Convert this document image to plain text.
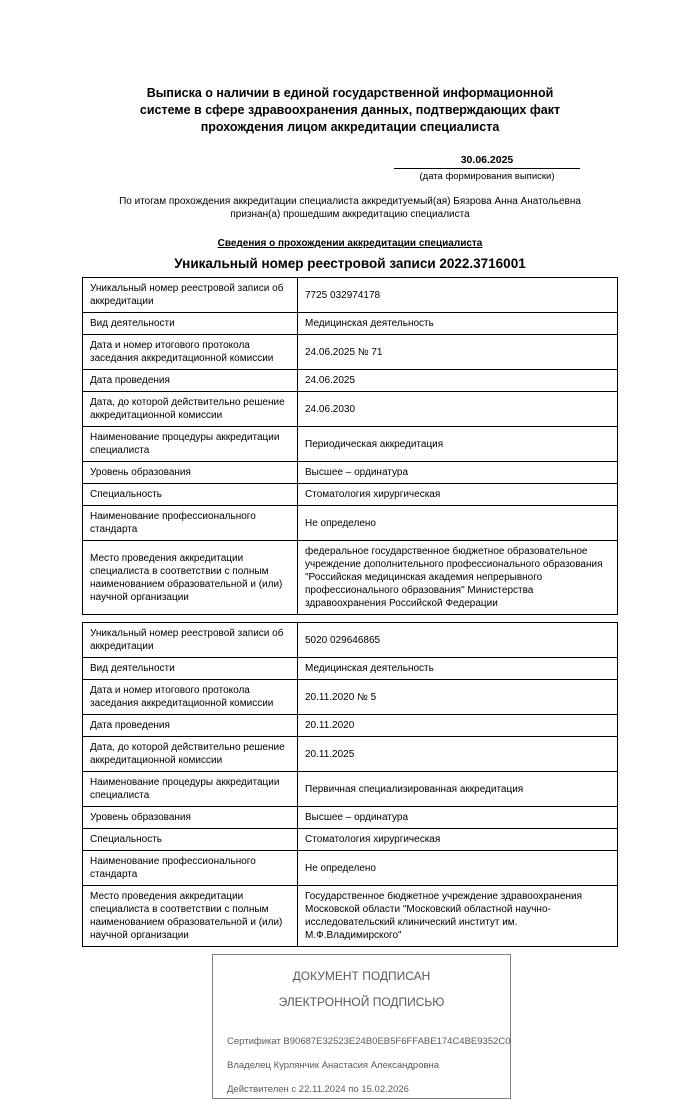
Выписка о наличии в единой государственной информационной
системе в сфере здравоохранения данных, подтверждающих факт
прохождения лицом аккредитации специалиста
30.06.2025
(дата формирования выписки)
По итогам прохождения аккредитации специалиста аккредитуемый(ая) Бязрова Анна Анатольевна
признан(а) прошедшим аккредитацию специалиста
Сведения о прохождении аккредитации специалиста
Уникальный номер реестровой записи 2022.3716001
Уникальный номер реестровой записи об аккредитации	7725 032974178
Вид деятельности	Медицинская деятельность
Дата и номер итогового протокола заседания аккредитационной комиссии	24.06.2025 № 71
Дата проведения	24.06.2025
Дата, до которой действительно решение аккредитационной комиссии	24.06.2030
Наименование процедуры аккредитации специалиста	Периодическая аккредитация
Уровень образования	Высшее – ординатура
Специальность	Стоматология хирургическая
Наименование профессионального стандарта	Не определено
Место проведения аккредитации специалиста в соответствии с полным наименованием образовательной и (или) научной организации	федеральное государственное бюджетное образовательное учреждение дополнительного профессионального образования "Российская медицинская академия непрерывного профессионального образования" Министерства здравоохранения Российской Федерации
Уникальный номер реестровой записи об аккредитации	5020 029646865
Вид деятельности	Медицинская деятельность
Дата и номер итогового протокола заседания аккредитационной комиссии	20.11.2020 № 5
Дата проведения	20.11.2020
Дата, до которой действительно решение аккредитационной комиссии	20.11.2025
Наименование процедуры аккредитации специалиста	Первичная специализированная аккредитация
Уровень образования	Высшее – ординатура
Специальность	Стоматология хирургическая
Наименование профессионального стандарта	Не определено
Место проведения аккредитации специалиста в соответствии с полным наименованием образовательной и (или) научной организации	Государственное бюджетное учреждение здравоохранения Московской области "Московский областной научно- исследовательский клинический институт им. М.Ф.Владимирского"
ДОКУМЕНТ ПОДПИСАН
ЭЛЕКТРОННОЙ ПОДПИСЬЮ
Сертификат B90687E32523E24B0EB5F6FFABE174C4BE9352C0
Владелец Курлянчик Анастасия Александровна
Действителен с 22.11.2024 по 15.02.2026
